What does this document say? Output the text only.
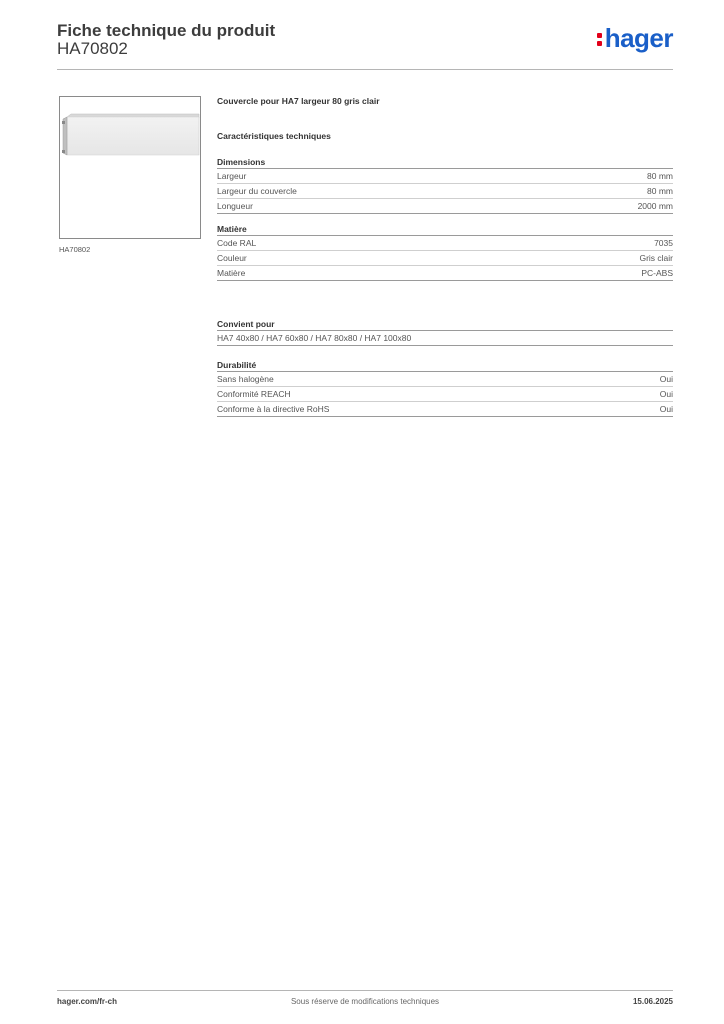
Fiche technique du produit
HA70802	hager
HA70802
Couvercle pour HA7 largeur 80 gris clair
Caractéristiques techniques
Dimensions
Largeur	80 mm
Largeur du couvercle	80 mm
Longueur	2000 mm
Matière
Code RAL	7035
Couleur	Gris clair
Matière	PC-ABS
Convient pour
HA7 40x80 / HA7 60x80 / HA7 80x80 / HA7 100x80
Durabilité
Sans halogène	Oui
Conformité REACH	Oui
Conforme à la directive RoHS	Oui
Sous réserve de modifications techniques
hager.com/fr-ch	15.06.2025
